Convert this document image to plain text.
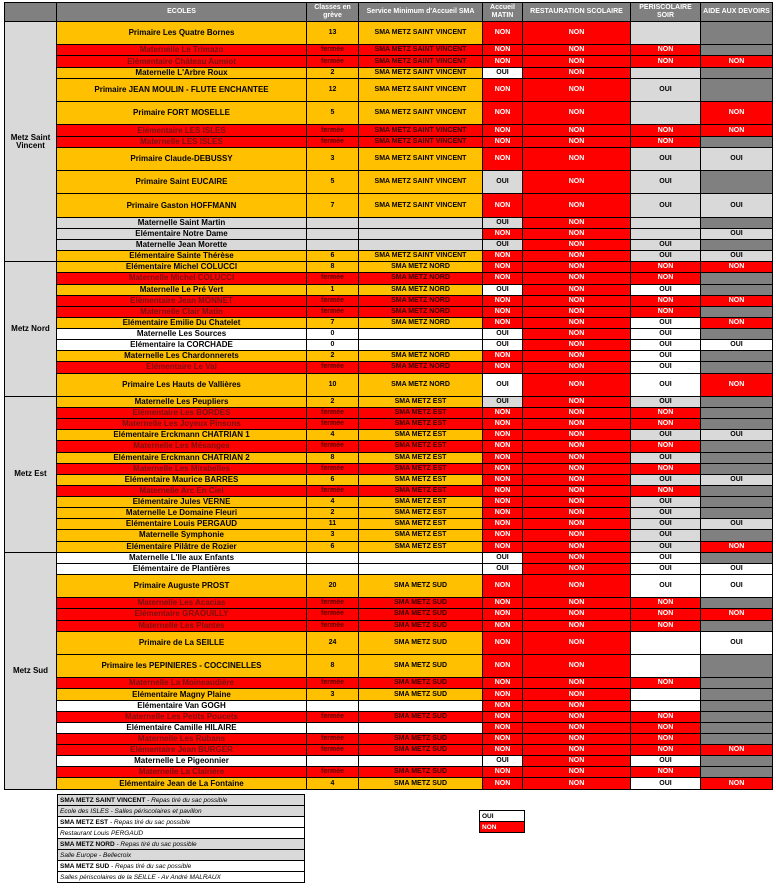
	ECOLES	Classes en grève	Service Minimum d'Accueil SMA	Accueil MATIN	RESTAURATION SCOLAIRE	PERISCOLAIRE SOIR	AIDE AUX DEVOIRS
Metz Saint Vincent	Primaire Les Quatre Bornes	13	SMA METZ SAINT VINCENT	NON	NON		
	Maternelle Le Trimazo	fermée	SMA METZ SAINT VINCENT	NON	NON	NON	
	Elémentaire Château Aumiot	fermée	SMA METZ SAINT VINCENT	NON	NON	NON	NON
	Maternelle L'Arbre Roux	2	SMA METZ SAINT VINCENT	OUI	NON		
	Primaire JEAN MOULIN - FLUTE ENCHANTEE	12	SMA METZ SAINT VINCENT	NON	NON	OUI	
	Primaire FORT MOSELLE	5	SMA METZ SAINT VINCENT	NON	NON		NON
	Elémentaire LES ISLES	fermée	SMA METZ SAINT VINCENT	NON	NON	NON	NON
	Maternelle LES ISLES	fermée	SMA METZ SAINT VINCENT	NON	NON	NON	
	Primaire Claude-DEBUSSY	3	SMA METZ SAINT VINCENT	NON	NON	OUI	OUI
	Primaire Saint EUCAIRE	5	SMA METZ SAINT VINCENT	OUI	NON	OUI	
	Primaire Gaston HOFFMANN	7	SMA METZ SAINT VINCENT	NON	NON	OUI	OUI
	Maternelle Saint Martin			OUI	NON		
	Elémentaire Notre Dame			NON	NON		OUI
	Maternelle Jean Morette			OUI	NON	OUI	
	Elémentaire Sainte Thérèse	6	SMA METZ SAINT VINCENT	NON	NON	OUI	OUI
Metz Nord	Elémentaire Michel COLUCCI	8	SMA METZ NORD	NON	NON	NON	NON
	Maternelle Michel COLUCCI	fermée	SMA METZ NORD	NON	NON	NON	
	Maternelle Le Pré Vert	1	SMA METZ NORD	OUI	NON	OUI	
	Elémentaire Jean MONNET	fermée	SMA METZ NORD	NON	NON	NON	NON
	Maternelle Clair Matin	fermée	SMA METZ NORD	NON	NON	NON	
	Elémentaire Emilie Du Chatelet	7	SMA METZ NORD	NON	NON	OUI	NON
	Maternelle Les Sources	0		OUI	NON	OUI	
	Elémentaire la CORCHADE	0		OUI	NON	OUI	OUI
	Maternelle Les Chardonnerets	2	SMA METZ NORD	NON	NON	OUI	
	Elémentaire Le Val	fermée	SMA METZ NORD	NON	NON	OUI	
	Primaire Les Hauts de Vallières	10	SMA METZ NORD	OUI	NON	OUI	NON
Metz Est	Maternelle Les Peupliers	2	SMA METZ EST	OUI	NON	OUI	
	Elémentaire Les BORDES	fermée	SMA METZ EST	NON	NON	NON	
	Maternelle Les Joyeux Pinsons	fermée	SMA METZ EST	NON	NON	NON	
	Elémentaire Erckmann CHATRIAN 1	4	SMA METZ EST	NON	NON	OUI	OUI
	Maternelle Les Mésanges	fermée	SMA METZ EST	NON	NON	NON	
	Elémentaire Erckmann CHATRIAN 2	8	SMA METZ EST	NON	NON	OUI	
	Maternelle Les Mirabelles	fermée	SMA METZ EST	NON	NON	NON	
	Elémentaire Maurice BARRES	6	SMA METZ EST	NON	NON	OUI	OUI
	Maternelle Arc En Ciel	fermée	SMA METZ EST	NON	NON	NON	
	Elémentaire Jules VERNE	4	SMA METZ EST	NON	NON	OUI	
	Maternelle Le Domaine Fleuri	2	SMA METZ EST	NON	NON	OUI	
	Elémentaire Louis PERGAUD	11	SMA METZ EST	NON	NON	OUI	OUI
	Maternelle Symphonie	3	SMA METZ EST	NON	NON	OUI	
	Elémentaire Pilâtre de Rozier	6	SMA METZ EST	NON	NON	OUI	NON
Metz Sud	Maternelle L'Ile aux Enfants			OUI	NON	OUI	
	Elémentaire de Plantières			OUI	NON	OUI	OUI
	Primaire Auguste PROST	20	SMA METZ SUD	NON	NON	OUI	OUI
	Maternelle Les Acacias	fermée	SMA METZ SUD	NON	NON	NON	
	Elémentaire GRAOUILLY	fermée	SMA METZ SUD	NON	NON	NON	NON
	Maternelle Les Plantes	fermée	SMA METZ SUD	NON	NON	NON	
	Primaire de La SEILLE	24	SMA METZ SUD	NON	NON		OUI
	Primaire les PEPINIERES - COCCINELLES	8	SMA METZ SUD	NON	NON		
	Maternelle La Moineaudière	fermée	SMA METZ SUD	NON	NON	NON	
	Elémentaire Magny Plaine	3	SMA METZ SUD	NON	NON		
	Elémentaire Van GOGH			NON	NON		
	Maternelle Les Petits Poucets	fermée	SMA METZ SUD	NON	NON	NON	
	Elémentaire Camille HILAIRE			NON	NON	NON	
	Maternelle Les Rubans	fermée	SMA METZ SUD	NON	NON	NON	
	Elémentaire Jean BURGER	fermée	SMA METZ SUD	NON	NON	NON	NON
	Maternelle Le Pigeonnier			OUI	NON	OUI	
	Maternelle La Clairière	fermée	SMA METZ SUD	NON	NON	NON	
	Elémentaire Jean de La Fontaine	4	SMA METZ SUD	NON	NON	OUI	NON
SMA METZ SAINT VINCENT - Repas tiré du sac possible
Ecole des ISLES - Salles périscolaires et pavillon
SMA METZ EST - Repas tiré du sac possible
Restaurant Louis PERGAUD
SMA METZ NORD - Repas tiré du sac possible
Salle Europe - Bellecroix
SMA METZ SUD - Repas tiré du sac possible
Salles périscolaires de la SEILLE - Av André MALRAUX
OUI
NON
